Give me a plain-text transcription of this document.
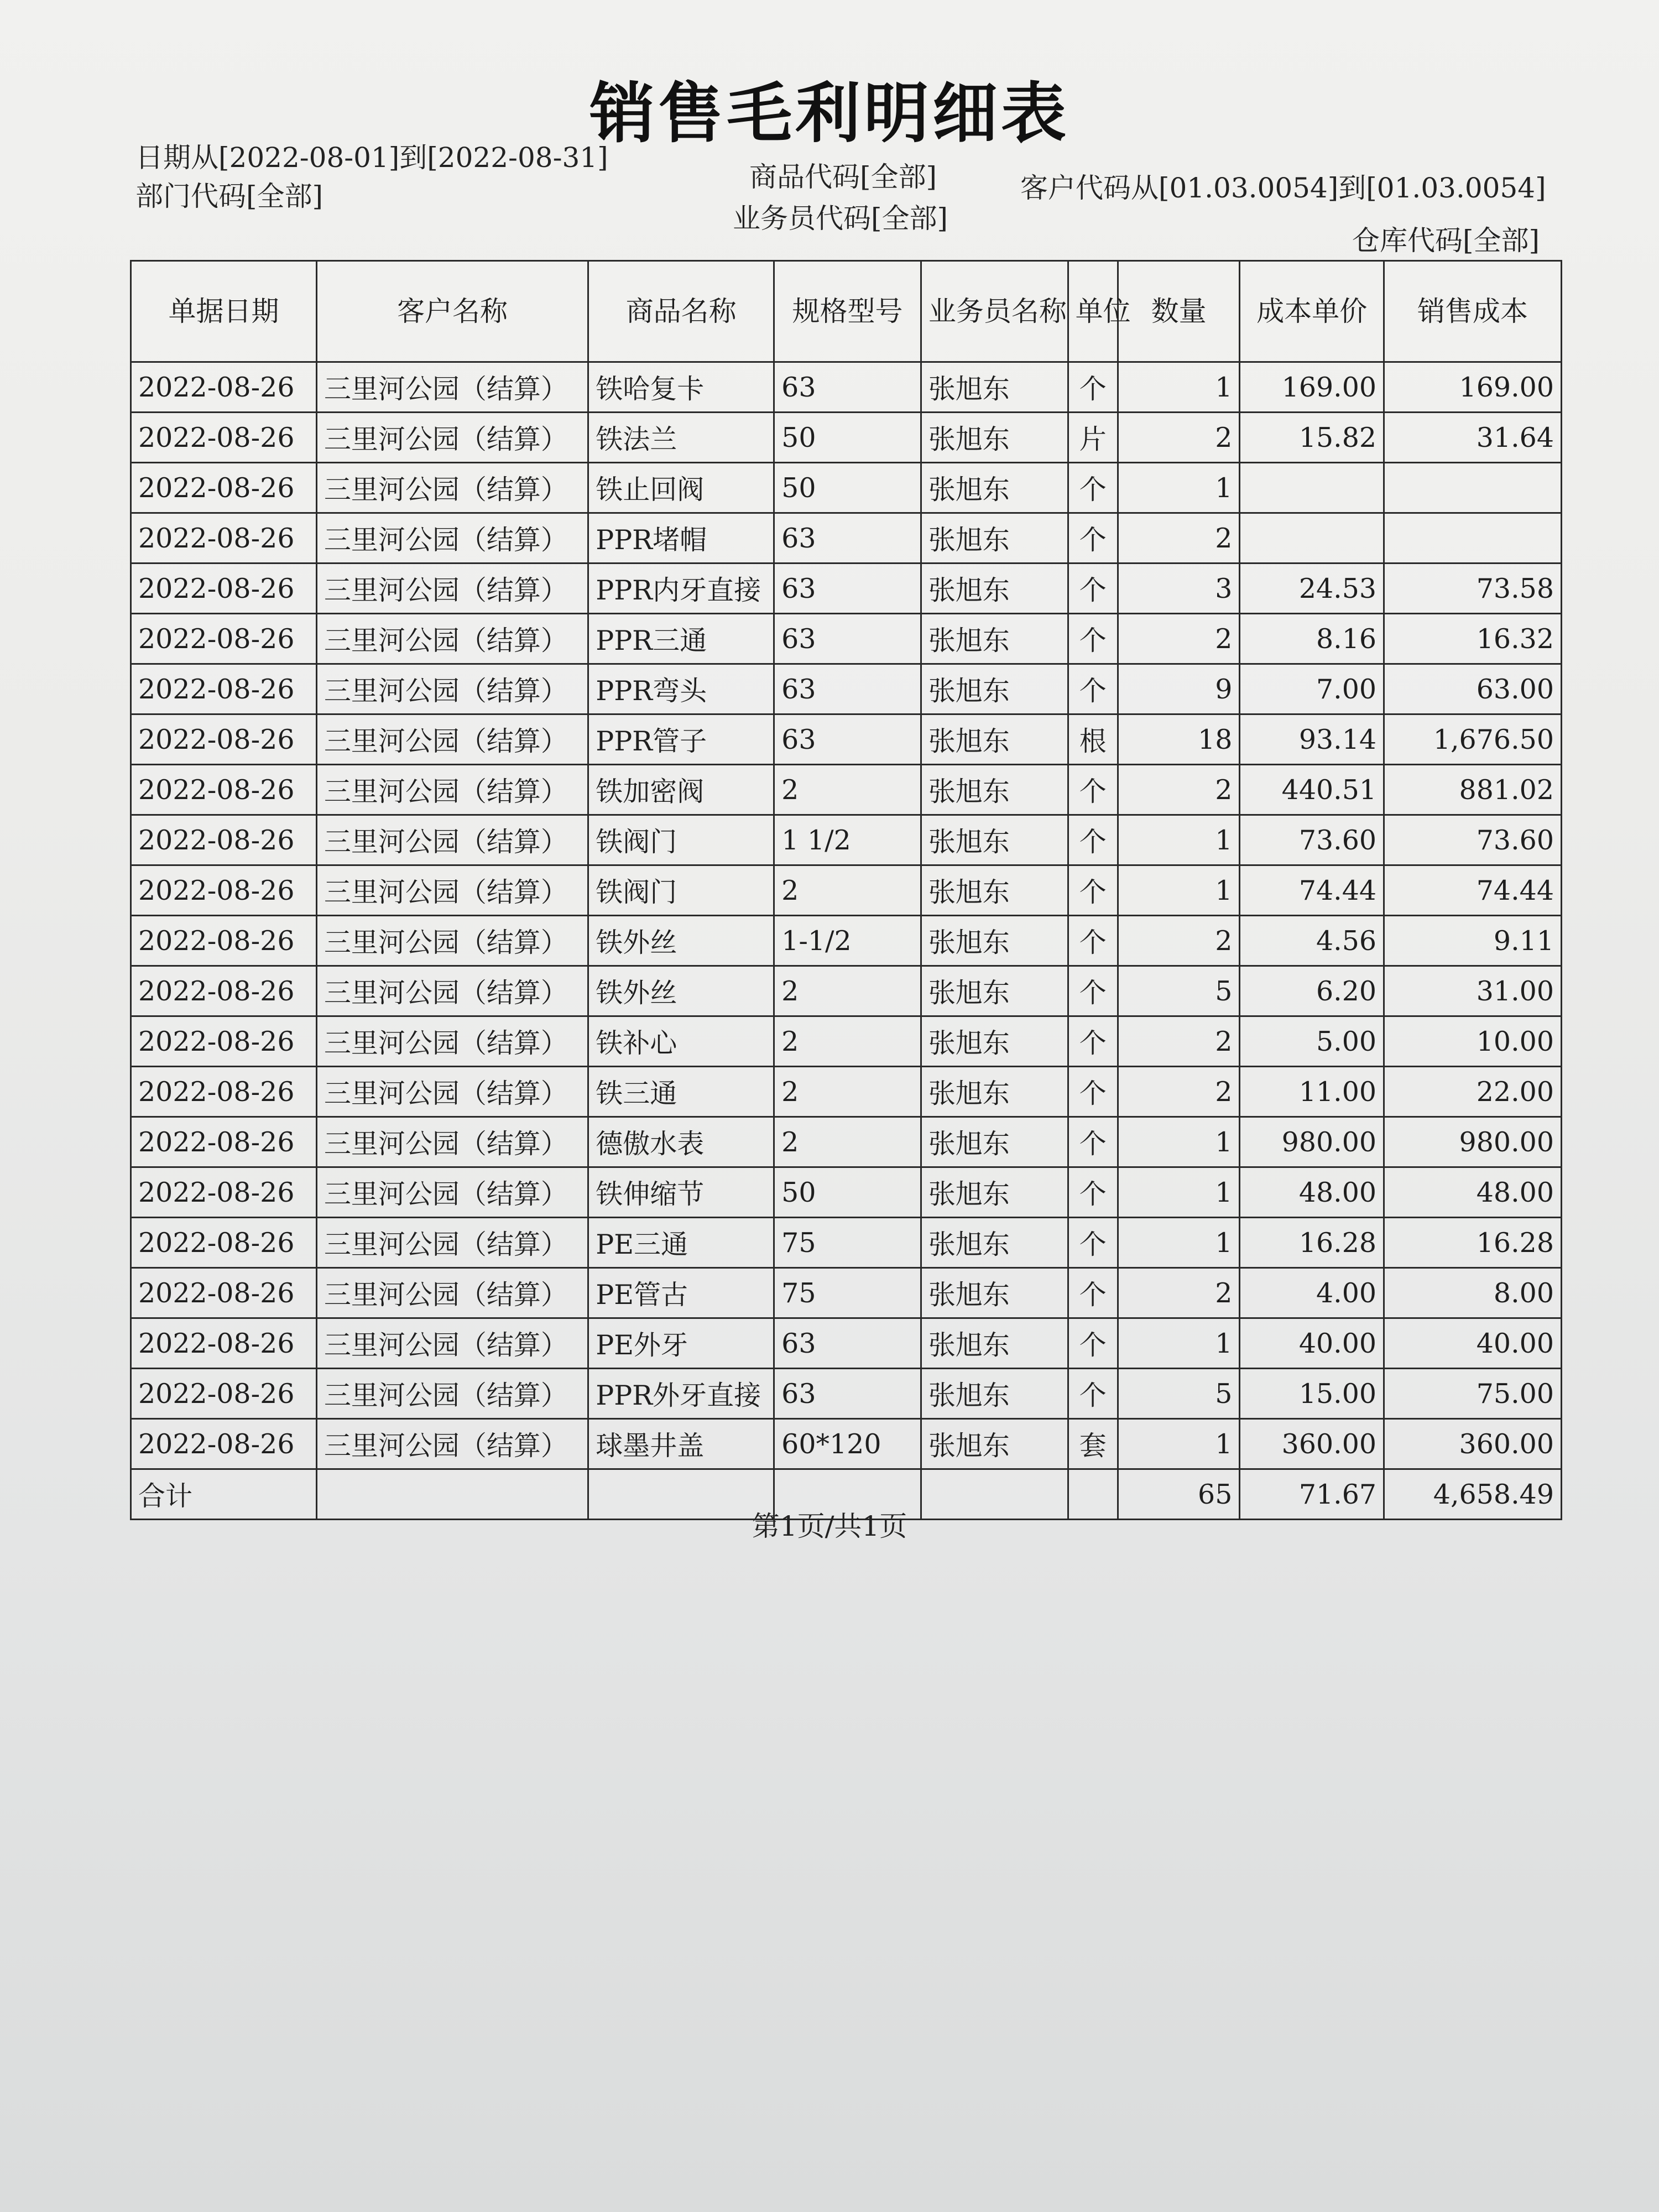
销售毛利明细表
日期从[2022-08-01]到[2022-08-31]
部门代码[全部]
商品代码[全部]
业务员代码[全部]
客户代码从[01.03.0054]到[01.03.0054]
仓库代码[全部]
单据日期	客户名称	商品名称	规格型号	业务员名称	单位	数量	成本单价	销售成本
2022-08-26	三里河公园（结算）	铁哈复卡	63	张旭东	个	1	169.00	169.00
2022-08-26	三里河公园（结算）	铁法兰	50	张旭东	片	2	15.82	31.64
2022-08-26	三里河公园（结算）	铁止回阀	50	张旭东	个	1		
2022-08-26	三里河公园（结算）	PPR堵帽	63	张旭东	个	2		
2022-08-26	三里河公园（结算）	PPR内牙直接	63	张旭东	个	3	24.53	73.58
2022-08-26	三里河公园（结算）	PPR三通	63	张旭东	个	2	8.16	16.32
2022-08-26	三里河公园（结算）	PPR弯头	63	张旭东	个	9	7.00	63.00
2022-08-26	三里河公园（结算）	PPR管子	63	张旭东	根	18	93.14	1,676.50
2022-08-26	三里河公园（结算）	铁加密阀	2	张旭东	个	2	440.51	881.02
2022-08-26	三里河公园（结算）	铁阀门	1 1/2	张旭东	个	1	73.60	73.60
2022-08-26	三里河公园（结算）	铁阀门	2	张旭东	个	1	74.44	74.44
2022-08-26	三里河公园（结算）	铁外丝	1-1/2	张旭东	个	2	4.56	9.11
2022-08-26	三里河公园（结算）	铁外丝	2	张旭东	个	5	6.20	31.00
2022-08-26	三里河公园（结算）	铁补心	2	张旭东	个	2	5.00	10.00
2022-08-26	三里河公园（结算）	铁三通	2	张旭东	个	2	11.00	22.00
2022-08-26	三里河公园（结算）	德傲水表	2	张旭东	个	1	980.00	980.00
2022-08-26	三里河公园（结算）	铁伸缩节	50	张旭东	个	1	48.00	48.00
2022-08-26	三里河公园（结算）	PE三通	75	张旭东	个	1	16.28	16.28
2022-08-26	三里河公园（结算）	PE管古	75	张旭东	个	2	4.00	8.00
2022-08-26	三里河公园（结算）	PE外牙	63	张旭东	个	1	40.00	40.00
2022-08-26	三里河公园（结算）	PPR外牙直接	63	张旭东	个	5	15.00	75.00
2022-08-26	三里河公园（结算）	球墨井盖	60*120	张旭东	套	1	360.00	360.00
合计						65	71.67	4,658.49
第1页/共1页
